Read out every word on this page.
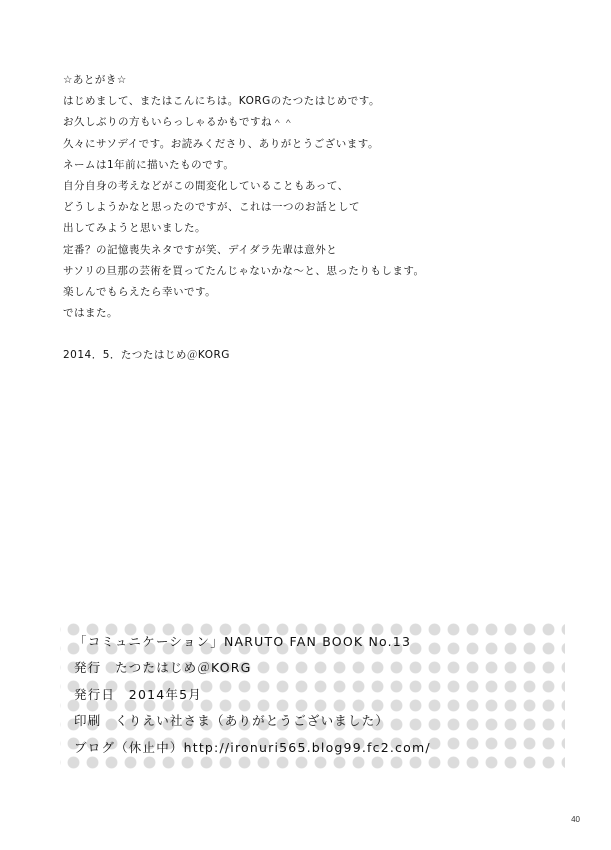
☆あとがき☆
はじめまして、またはこんにちは。KORGのたつたはじめです。
お久しぶりの方もいらっしゃるかもですね＾＾
久々にサソデイです。お読みくださり、ありがとうございます。
ネームは1年前に描いたものです。
自分自身の考えなどがこの間変化していることもあって、
どうしようかなと思ったのですが、これは一つのお話として
出してみようと思いました。
定番？の記憶喪失ネタですが笑、デイダラ先輩は意外と
サソリの旦那の芸術を買ってたんじゃないかな～と、思ったりもします。
楽しんでもらえたら幸いです。
ではまた。
2014．5．たつたはじめ＠KORG
「コミュニケーション」NARUTO FAN BOOK No.13
発行　たつたはじめ＠KORG
発行日　2014年5月
印刷　くりえい社さま（ありがとうございました）
ブログ（休止中）http://ironuri565.blog99.fc2.com/
40
